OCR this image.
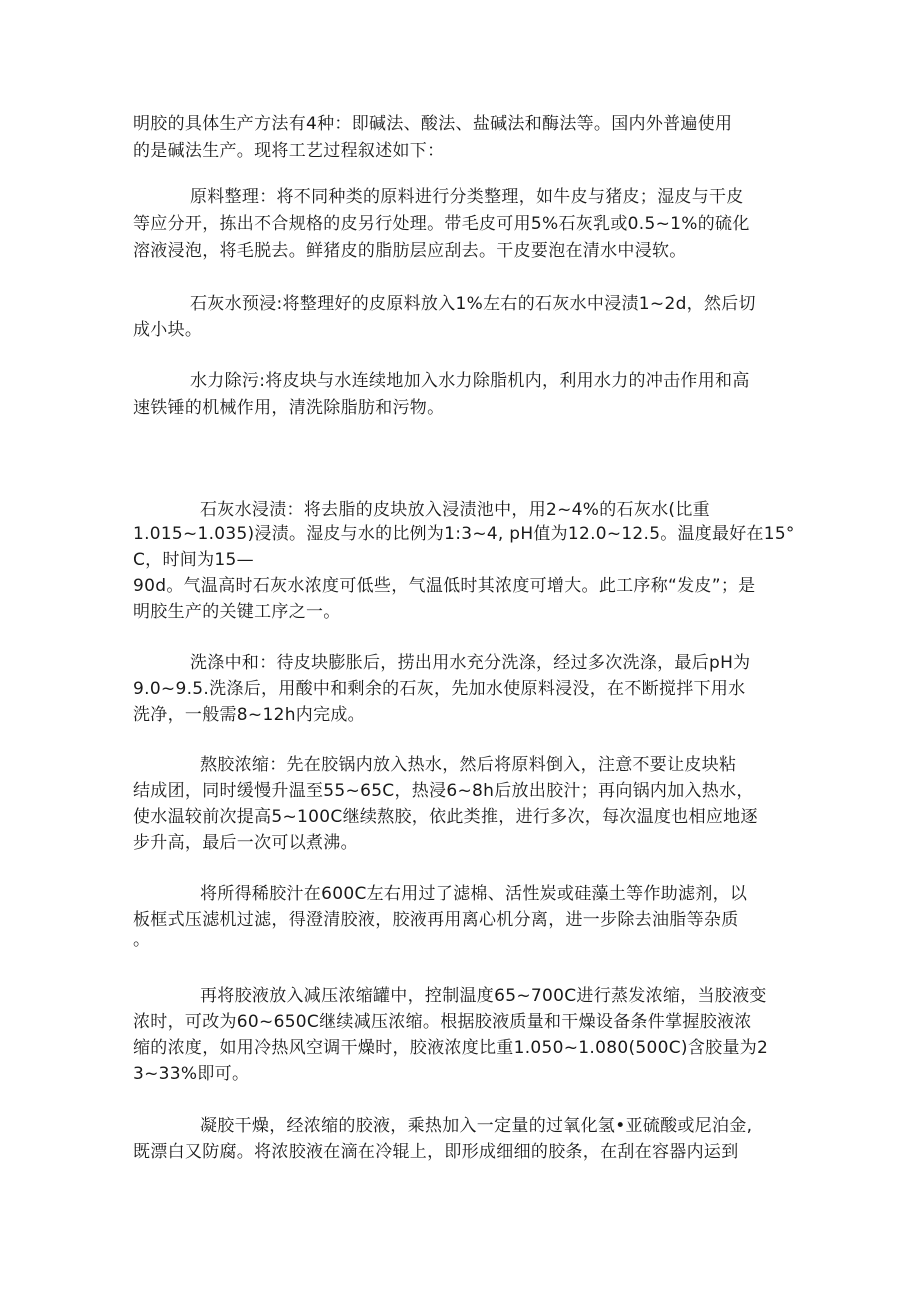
明胶的具体生产方法有4种：即碱法、酸法、盐碱法和酶法等。国内外普遍使用
的是碱法生产。现将工艺过程叙述如下：
原料整理：将不同种类的原料进行分类整理，如牛皮与猪皮；湿皮与干皮
等应分开，拣出不合规格的皮另行处理。带毛皮可用5%石灰乳或0.5~1%的硫化
溶液浸泡，将毛脱去。鲜猪皮的脂肪层应刮去。干皮要泡在清水中浸软。
石灰水预浸:将整理好的皮原料放入1%左右的石灰水中浸渍1~2d，然后切
成小块。
水力除污:将皮块与水连续地加入水力除脂机内，利用水力的冲击作用和高
速铁锤的机械作用，清洗除脂肪和污物。
石灰水浸渍：将去脂的皮块放入浸渍池中，用2~4%的石灰水(比重
1.015~1.035)浸渍。湿皮与水的比例为1:3~4, pH值为12.0~12.5。温度最好在15°
C，时间为15—
90d。气温高时石灰水浓度可低些，气温低时其浓度可增大。此工序称“发皮”；是
明胶生产的关键工序之一。
洗涤中和：待皮块膨胀后，捞出用水充分洗涤，经过多次洗涤，最后pH为
9.0~9.5.洗涤后，用酸中和剩余的石灰，先加水使原料浸没，在不断搅拌下用水
洗净，一般需8~12h内完成。
熬胶浓缩：先在胶锅内放入热水，然后将原料倒入，注意不要让皮块粘
结成团，同时缓慢升温至55~65C，热浸6~8h后放出胶汁；再向锅内加入热水，
使水温较前次提高5~100C继续熬胶，依此类推，进行多次，每次温度也相应地逐
步升高，最后一次可以煮沸。
将所得稀胶汁在600C左右用过了滤棉、活性炭或硅藻土等作助滤剂，以
板框式压滤机过滤，得澄清胶液，胶液再用离心机分离，进一步除去油脂等杂质
。
再将胶液放入减压浓缩罐中，控制温度65~700C进行蒸发浓缩，当胶液变
浓时，可改为60~650C继续减压浓缩。根据胶液质量和干燥设备条件掌握胶液浓
缩的浓度，如用冷热风空调干燥时，胶液浓度比重1.050~1.080(500C)含胶量为2
3~33%即可。
凝胶干燥，经浓缩的胶液，乘热加入一定量的过氧化氢•亚硫酸或尼泊金,
既漂白又防腐。将浓胶液在滴在冷辊上，即形成细细的胶条，在刮在容器内运到
